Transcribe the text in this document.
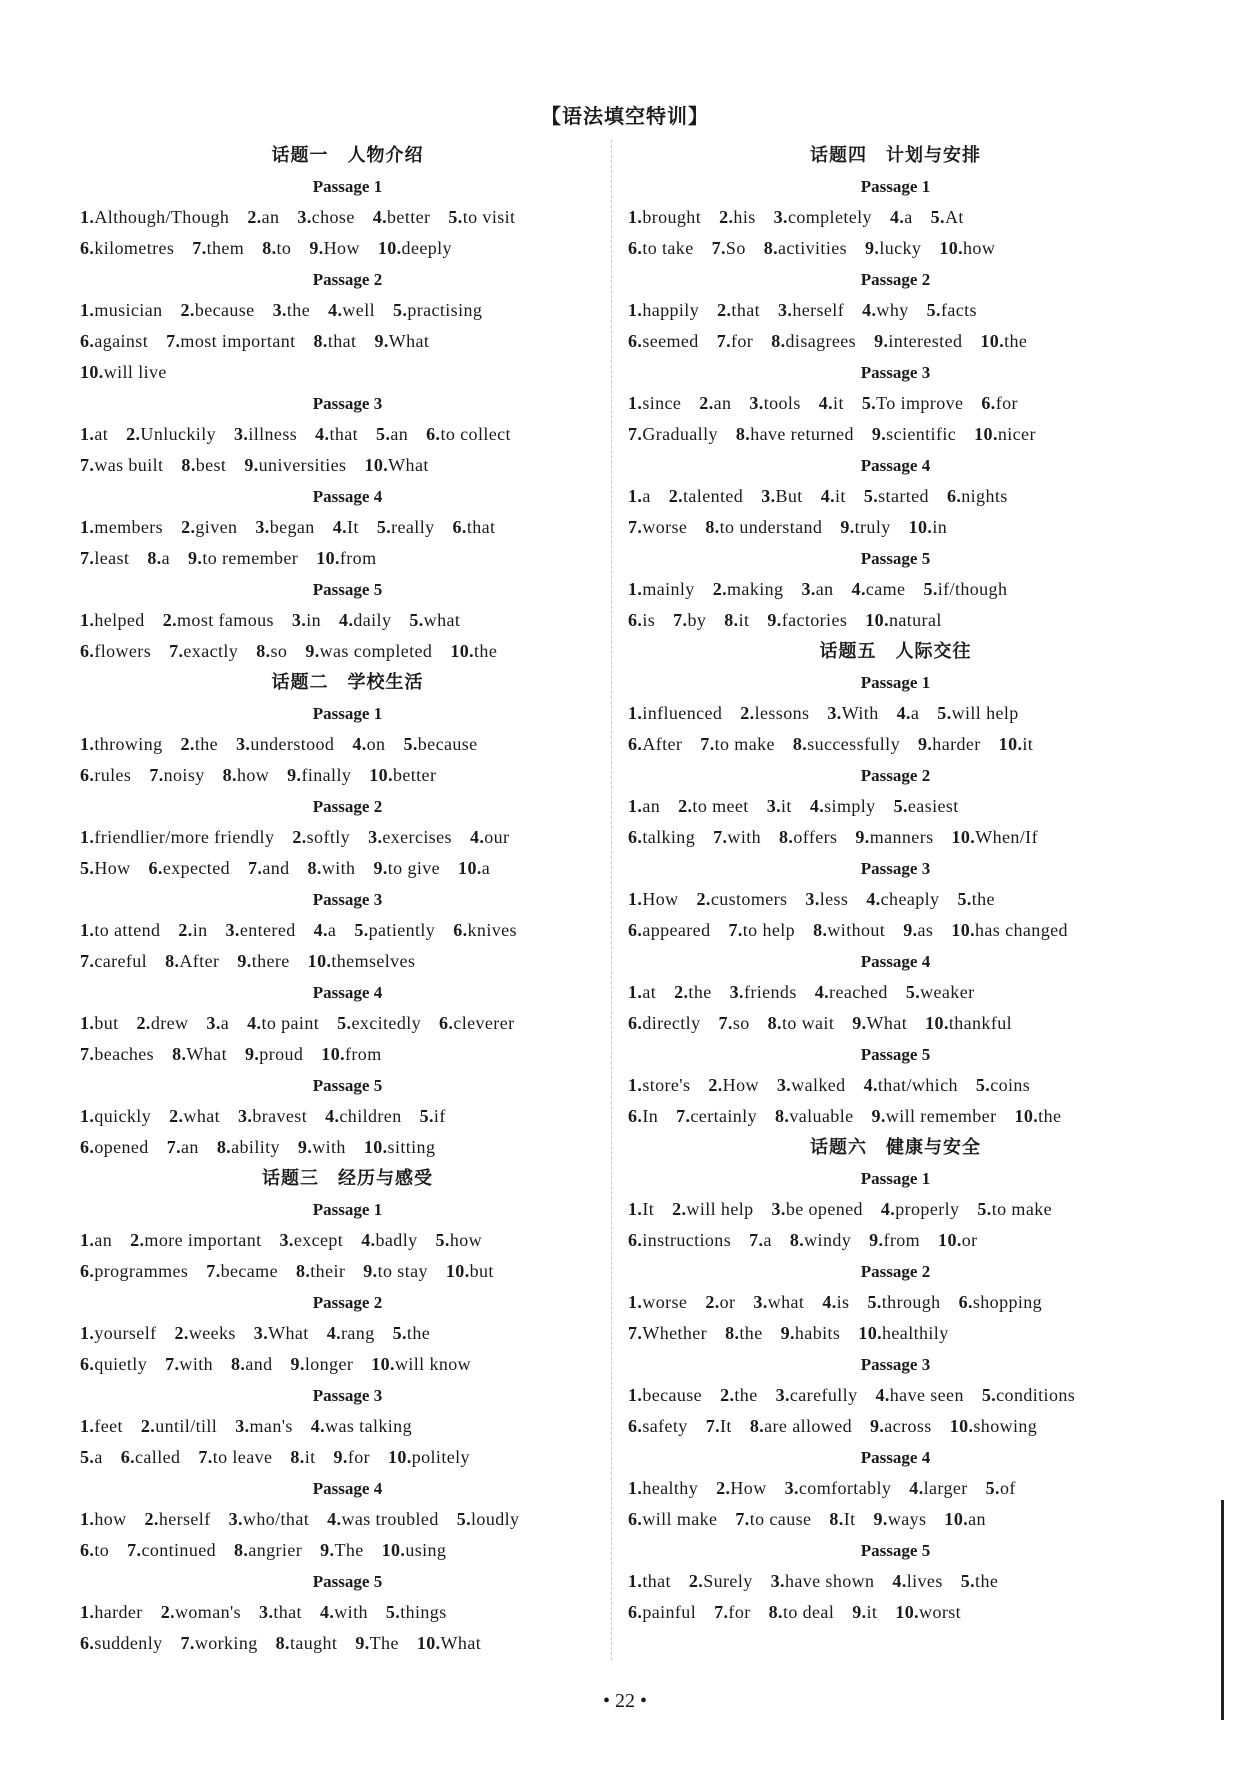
【语法填空特训】
话题一　人物介绍
Passage 1
1.Although/Though 2.an 3.chose 4.better 5.to visit
6.kilometres 7.them 8.to 9.How 10.deeply
Passage 2
1.musician 2.because 3.the 4.well 5.practising
6.against 7.most important 8.that 9.What
10.will live
Passage 3
1.at 2.Unluckily 3.illness 4.that 5.an 6.to collect
7.was built 8.best 9.universities 10.What
Passage 4
1.members 2.given 3.began 4.It 5.really 6.that
7.least 8.a 9.to remember 10.from
Passage 5
1.helped 2.most famous 3.in 4.daily 5.what
6.flowers 7.exactly 8.so 9.was completed 10.the
话题二　学校生活
Passage 1
1.throwing 2.the 3.understood 4.on 5.because
6.rules 7.noisy 8.how 9.finally 10.better
Passage 2
1.friendlier/more friendly 2.softly 3.exercises 4.our
5.How 6.expected 7.and 8.with 9.to give 10.a
Passage 3
1.to attend 2.in 3.entered 4.a 5.patiently 6.knives
7.careful 8.After 9.there 10.themselves
Passage 4
1.but 2.drew 3.a 4.to paint 5.excitedly 6.cleverer
7.beaches 8.What 9.proud 10.from
Passage 5
1.quickly 2.what 3.bravest 4.children 5.if
6.opened 7.an 8.ability 9.with 10.sitting
话题三　经历与感受
Passage 1
1.an 2.more important 3.except 4.badly 5.how
6.programmes 7.became 8.their 9.to stay 10.but
Passage 2
1.yourself 2.weeks 3.What 4.rang 5.the
6.quietly 7.with 8.and 9.longer 10.will know
Passage 3
1.feet 2.until/till 3.man's 4.was talking
5.a 6.called 7.to leave 8.it 9.for 10.politely
Passage 4
1.how 2.herself 3.who/that 4.was troubled 5.loudly
6.to 7.continued 8.angrier 9.The 10.using
Passage 5
1.harder 2.woman's 3.that 4.with 5.things
6.suddenly 7.working 8.taught 9.The 10.What
话题四　计划与安排
Passage 1
1.brought 2.his 3.completely 4.a 5.At
6.to take 7.So 8.activities 9.lucky 10.how
Passage 2
1.happily 2.that 3.herself 4.why 5.facts
6.seemed 7.for 8.disagrees 9.interested 10.the
Passage 3
1.since 2.an 3.tools 4.it 5.To improve 6.for
7.Gradually 8.have returned 9.scientific 10.nicer
Passage 4
1.a 2.talented 3.But 4.it 5.started 6.nights
7.worse 8.to understand 9.truly 10.in
Passage 5
1.mainly 2.making 3.an 4.came 5.if/though
6.is 7.by 8.it 9.factories 10.natural
话题五　人际交往
Passage 1
1.influenced 2.lessons 3.With 4.a 5.will help
6.After 7.to make 8.successfully 9.harder 10.it
Passage 2
1.an 2.to meet 3.it 4.simply 5.easiest
6.talking 7.with 8.offers 9.manners 10.When/If
Passage 3
1.How 2.customers 3.less 4.cheaply 5.the
6.appeared 7.to help 8.without 9.as 10.has changed
Passage 4
1.at 2.the 3.friends 4.reached 5.weaker
6.directly 7.so 8.to wait 9.What 10.thankful
Passage 5
1.store's 2.How 3.walked 4.that/which 5.coins
6.In 7.certainly 8.valuable 9.will remember 10.the
话题六　健康与安全
Passage 1
1.It 2.will help 3.be opened 4.properly 5.to make
6.instructions 7.a 8.windy 9.from 10.or
Passage 2
1.worse 2.or 3.what 4.is 5.through 6.shopping
7.Whether 8.the 9.habits 10.healthily
Passage 3
1.because 2.the 3.carefully 4.have seen 5.conditions
6.safety 7.It 8.are allowed 9.across 10.showing
Passage 4
1.healthy 2.How 3.comfortably 4.larger 5.of
6.will make 7.to cause 8.It 9.ways 10.an
Passage 5
1.that 2.Surely 3.have shown 4.lives 5.the
6.painful 7.for 8.to deal 9.it 10.worst
• 22 •
